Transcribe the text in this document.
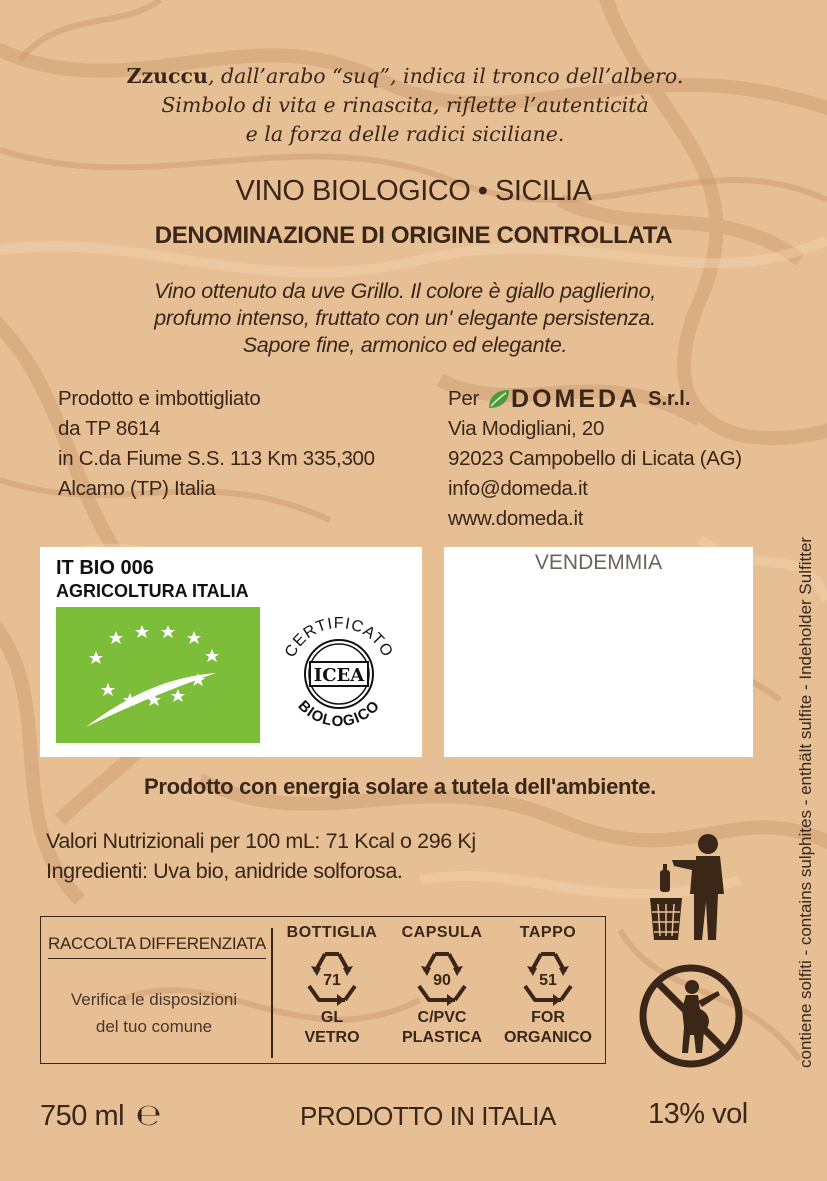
Zzuccu, dall’arabo “suq”, indica il tronco dell’albero.
Simbolo di vita e rinascita, riflette l’autenticità
e la forza delle radici siciliane.
VINO BIOLOGICO • SICILIA
DENOMINAZIONE DI ORIGINE CONTROLLATA
Vino ottenuto da uve Grillo. Il colore è giallo paglierino,
profumo intenso, fruttato con un' elegante persistenza.
Sapore fine, armonico ed elegante.
Prodotto e imbottigliato
da TP 8614
in C.da Fiume S.S. 113 Km 335,300
Alcamo (TP) Italia
Per DOMEDA S.r.l.
Via Modigliani, 20
92023 Campobello di Licata (AG)
info@domeda.it
www.domeda.it
IT BIO 006
AGRICOLTURA ITALIA
ICEA
CERTIFICATO
BIOLOGICO
VENDEMMIA
Prodotto con energia solare a tutela dell'ambiente.
Valori Nutrizionali per 100 mL: 71 Kcal o 296 Kj
Ingredienti: Uva bio, anidride solforosa.
RACCOLTA DIFFERENZIATA
Verifica le disposizioni
del tuo comune
BOTTIGLIA
71
GL
VETRO
CAPSULA
90
C/PVC
PLASTICA
TAPPO
51
FOR
ORGANICO
750 ml ℮	PRODOTTO IN ITALIA	13% vol
contiene solfiti - contains sulphites - enthält sulfite - Indeholder Sulfitter
